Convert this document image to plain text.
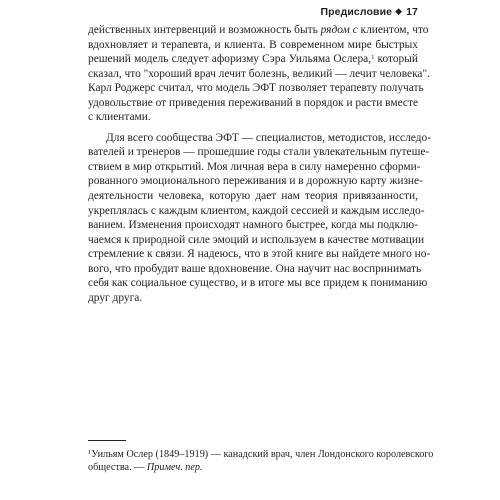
Предисловие ◆ 17
действенных интервенций и возможность быть рядом с клиентом, что
вдохновляет и терапевта, и клиента. В современном мире быстрых
решений модель следует афоризму Сэра Уильяма Ослера,$^1$ который
сказал, что "хороший врач лечит болезнь, великий — лечит человека".
Карл Роджерс считал, что модель ЭФТ позволяет терапевту получать
удовольствие от приведения переживаний в порядок и расти вместе
с клиентами.
Для всего сообщества ЭФТ — специалистов, методистов, исследо-
вателей и тренеров — прошедшие годы стали увлекательным путеше-
ствием в мир открытий. Моя личная вера в силу намеренно сформи-
рованного эмоционального переживания и в дорожную карту жизне-
деятельности человека, которую дает нам теория привязанности,
укреплялась с каждым клиентом, каждой сессией и каждым исследо-
ванием. Изменения происходят намного быстрее, когда мы подклю-
чаемся к природной силе эмоций и используем в качестве мотивации
стремление к связи. Я надеюсь, что в этой книге вы найдете много но-
вого, что пробудит ваше вдохновение. Она научит нас воспринимать
себя как социальное существо, и в итоге мы все придем к пониманию
друг друга.
$^1$Уильям Ослер (1849–1919) — канадский врач, член Лондонского королевского
общества. — Примеч. пер.
